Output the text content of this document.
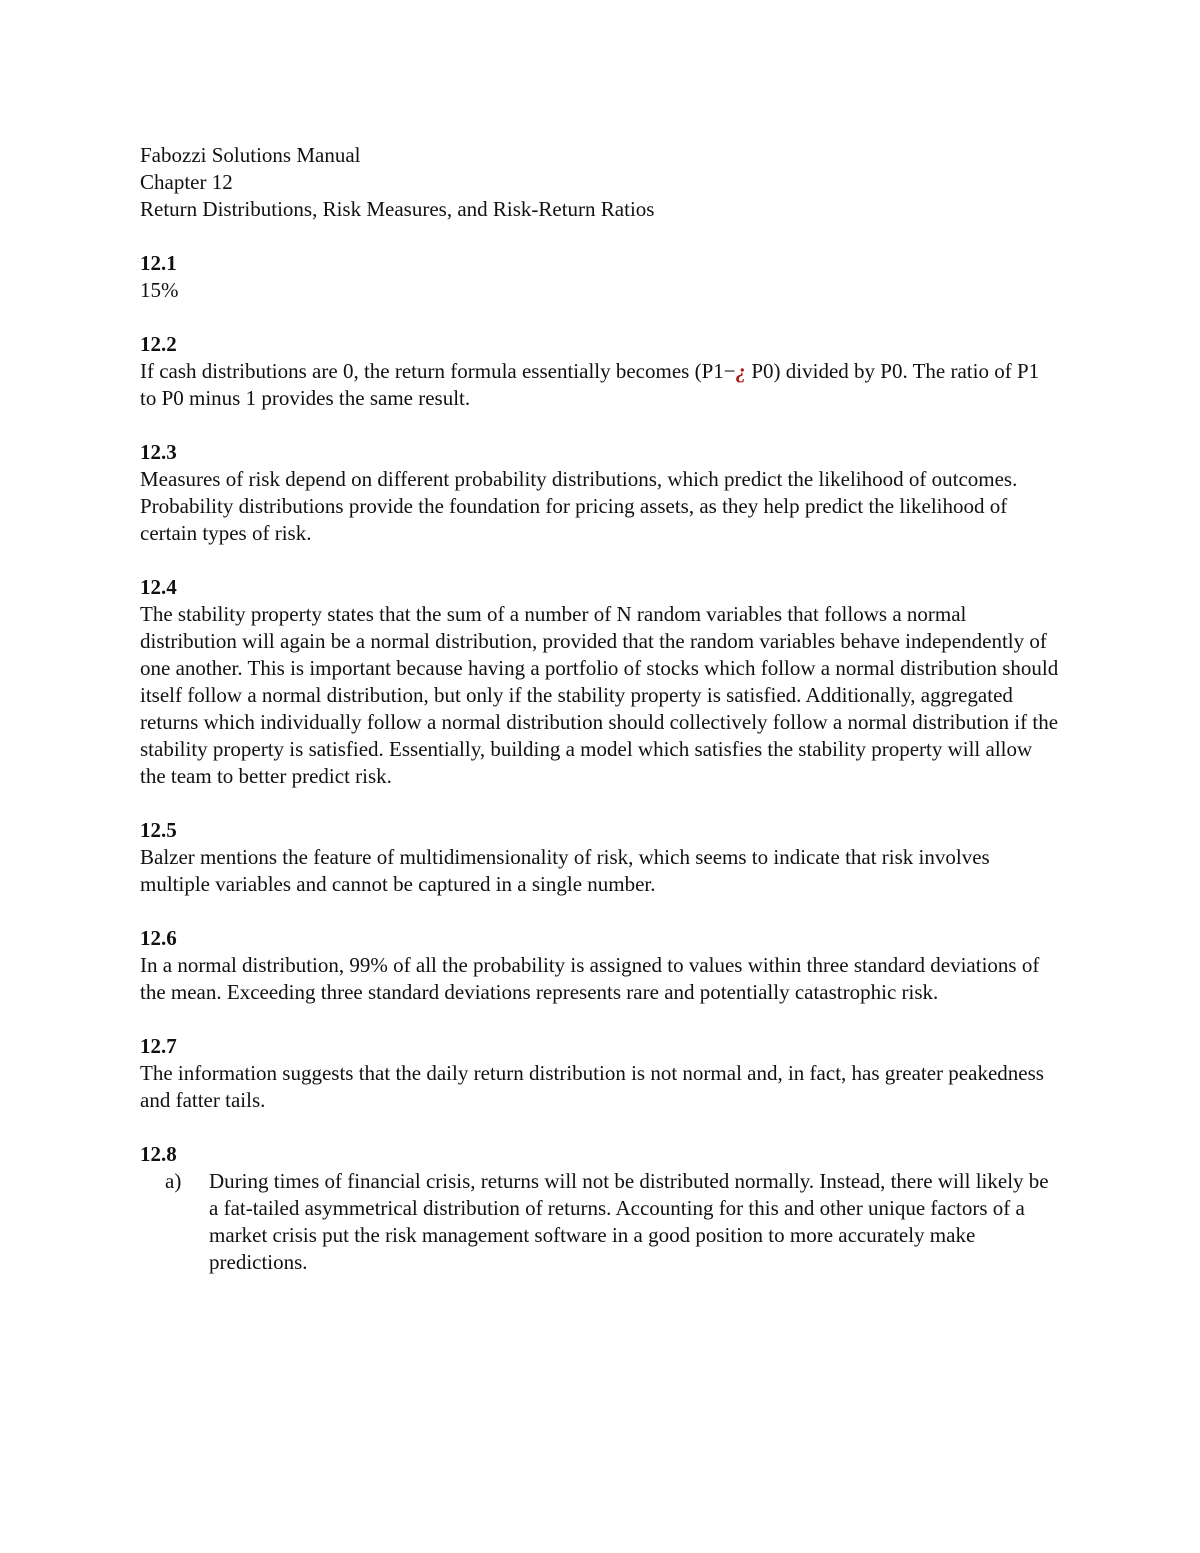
Fabozzi Solutions Manual
Chapter 12
Return Distributions, Risk Measures, and Risk-Return Ratios
12.1
15%
12.2

If cash distributions are 0, the return formula essentially becomes (P1−¿ P0) divided by P0. The ratio of P1 to P0 minus 1 provides the same result.

12.3

Measures of risk depend on different probability distributions, which predict the likelihood of outcomes. Probability distributions provide the foundation for pricing assets, as they help predict the likelihood of certain types of risk.

12.4

The stability property states that the sum of a number of N random variables that follows a normal distribution will again be a normal distribution, provided that the random variables behave independently of one another. This is important because having a portfolio of stocks which follow a normal distribution should itself follow a normal distribution, but only if the stability property is satisfied. Additionally, aggregated returns which individually follow a normal distribution should collectively follow a normal distribution if the stability property is satisfied. Essentially, building a model which satisfies the stability property will allow the team to better predict risk.

12.5

Balzer mentions the feature of multidimensionality of risk, which seems to indicate that risk involves multiple variables and cannot be captured in a single number.

12.6

In a normal distribution, 99% of all the probability is assigned to values within three standard deviations of the mean. Exceeding three standard deviations represents rare and potentially catastrophic risk.

12.7

The information suggests that the daily return distribution is not normal and, in fact, has greater peakedness and fatter tails.

12.8
a) During times of financial crisis, returns will not be distributed normally. Instead, there will likely be a fat-tailed asymmetrical distribution of returns. Accounting for this and other unique factors of a market crisis put the risk management software in a good position to more accurately make predictions.
